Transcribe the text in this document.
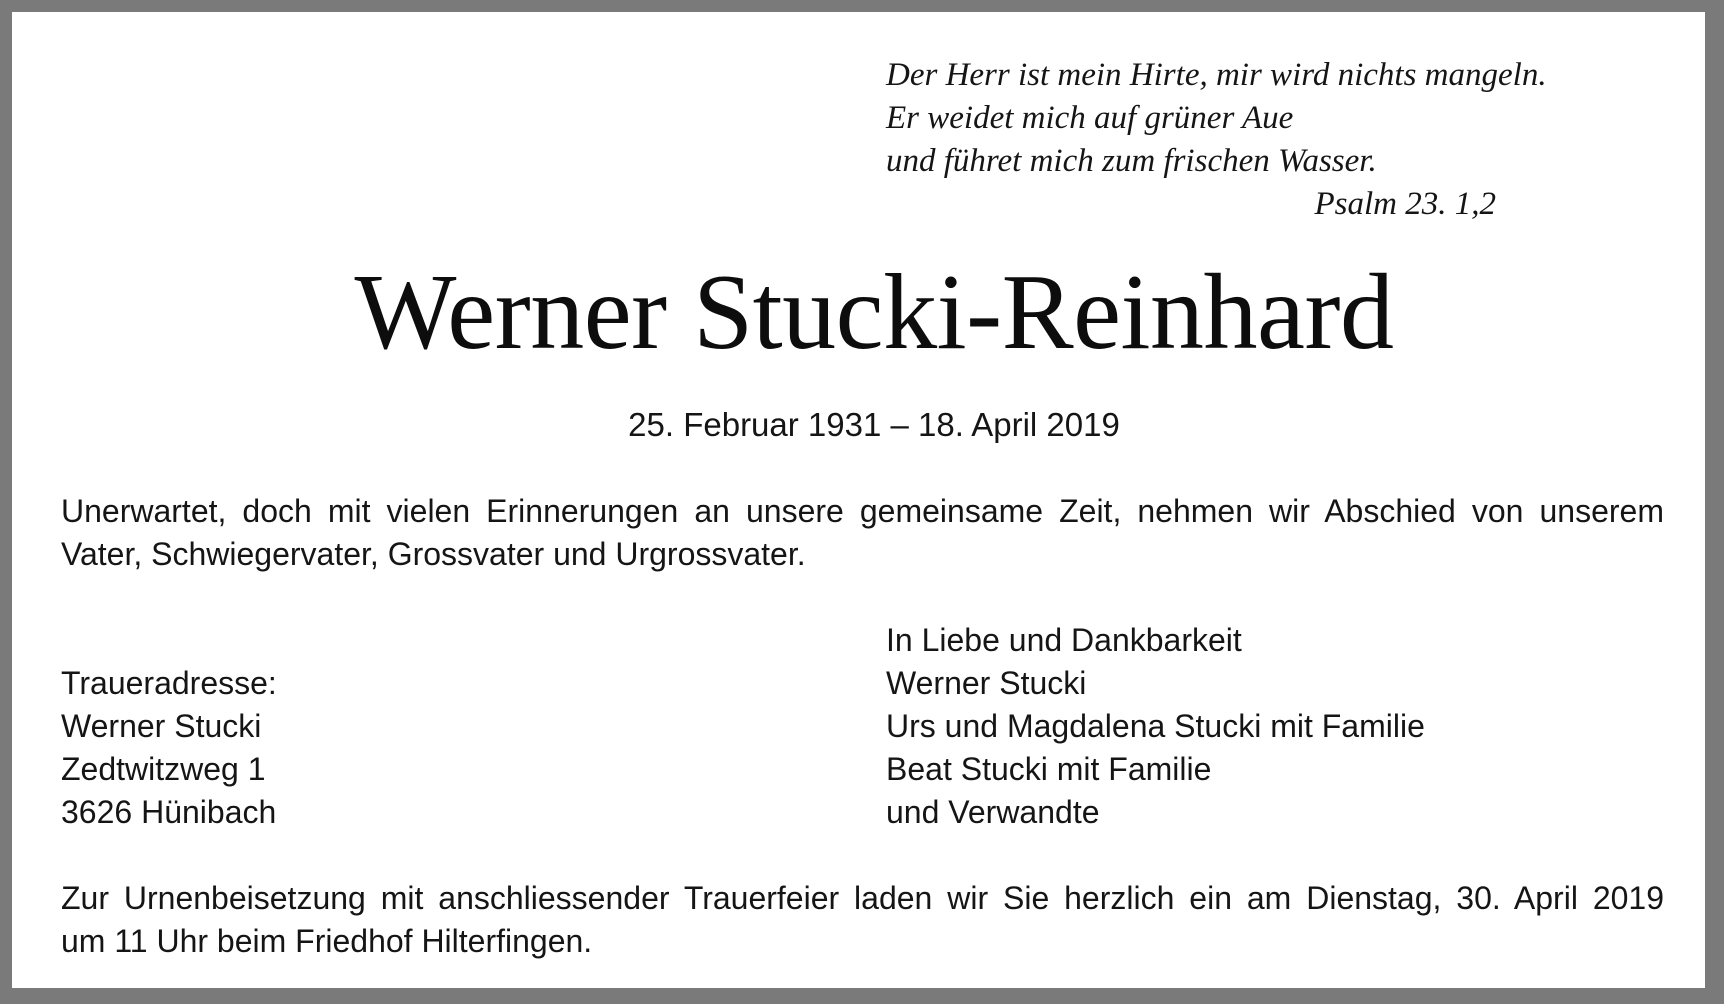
Der Herr ist mein Hirte, mir wird nichts mangeln.
Er weidet mich auf grüner Aue
und führet mich zum frischen Wasser.
Psalm 23. 1,2
Werner Stucki-Reinhard
25. Februar 1931 – 18. April 2019
Unerwartet, doch mit vielen Erinnerungen an unsere gemeinsame Zeit, nehmen wir Abschied von unserem
Vater, Schwiegervater, Grossvater und Urgrossvater.
Traueradresse:
Werner Stucki
Zedtwitzweg 1
3626 Hünibach
In Liebe und Dankbarkeit
Werner Stucki
Urs und Magdalena Stucki mit Familie
Beat Stucki mit Familie
und Verwandte
Zur Urnenbeisetzung mit anschliessender Trauerfeier laden wir Sie herzlich ein am Dienstag, 30. April 2019
um 11 Uhr beim Friedhof Hilterfingen.
